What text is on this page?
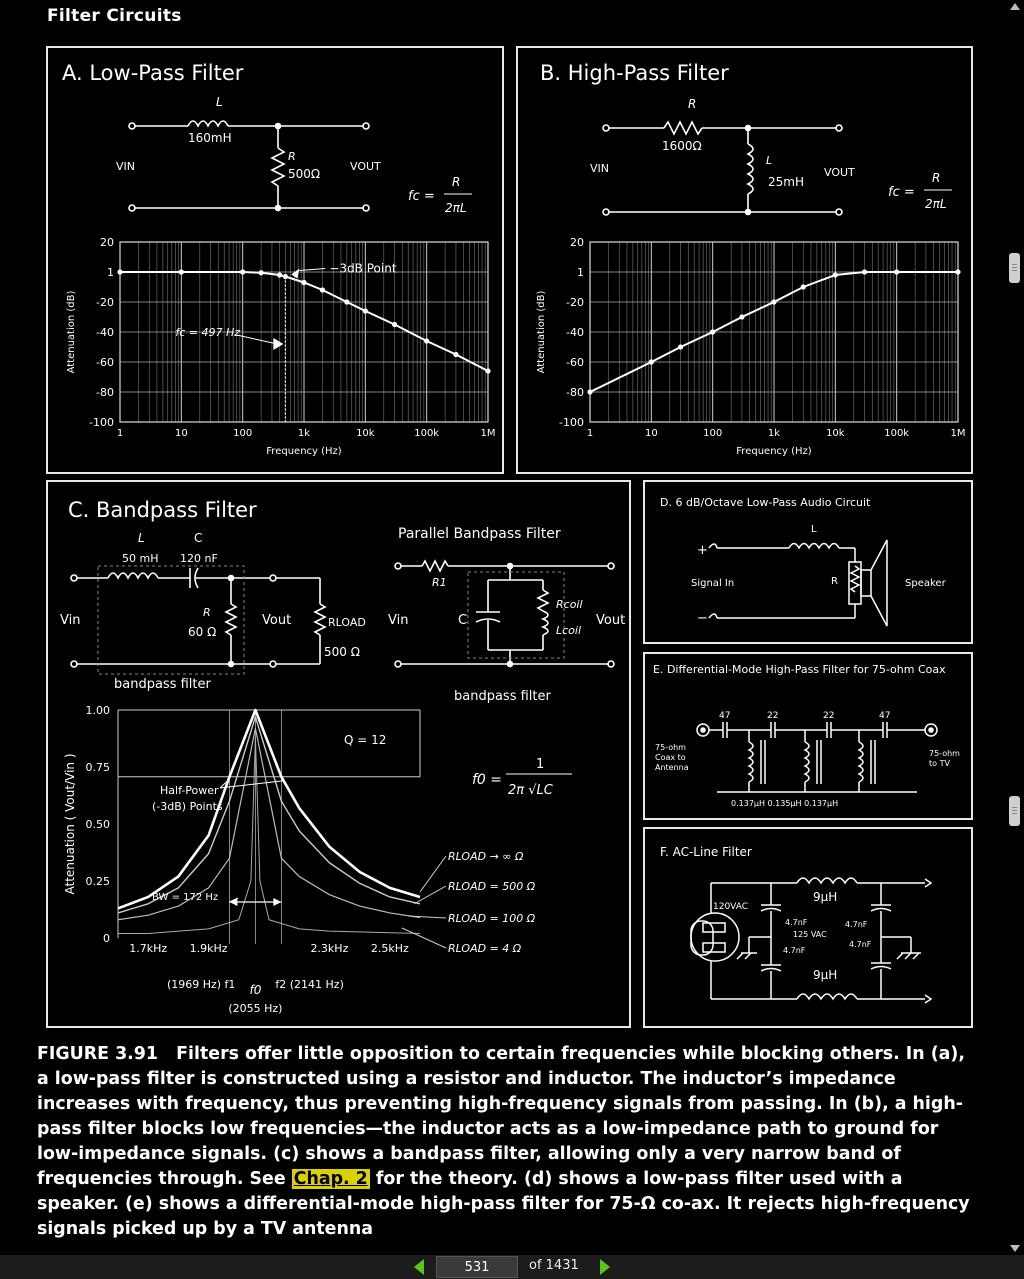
Filter Circuits
A. Low-Pass Filter
L
160mH
R
500Ω
VIN	VOUT
fc =
R
2πL
20
1
-20
-40
-60
-80
-100
1	10	100	1k	10k	100k	1M
Frequency (Hz)
Attenuation (dB)
−3dB Point
fc = 497 Hz
B. High-Pass Filter
R
1600Ω
L
25mH
VIN	VOUT
fc =
R
2πL
20
1
-20
-40
-60
-80
-100
1	10	100	1k	10k	100k	1M
Frequency (Hz)
Attenuation (dB)
C. Bandpass Filter
L
50 mH
C
120 nF
R
60 Ω
Vin	Vout	RLOAD
500 Ω
bandpass filter
Parallel Bandpass Filter
R1
C
Rcoil
Lcoil
Vin	Vout
bandpass filter
f0 =
1
2π √LC
1.00
0.75
0.50
0.25
0
Attenuation ( Vout/Vin )
Q = 12
Half-Power
(-3dB) Points
BW = 172 Hz
1.7kHz 1.9kHz	2.3kHz 2.5kHz
(1969 Hz) f1 f0 f2 (2141 Hz)
(2055 Hz)
RLOAD → ∞ Ω
RLOAD = 500 Ω
RLOAD = 100 Ω
RLOAD = 4 Ω
D. 6 dB/Octave Low-Pass Audio Circuit
+
−
L
R
Signal In	Speaker
E. Differential-Mode High-Pass Filter for 75-ohm Coax
47	22	22	47
75-ohm
Coax to
Antenna
75-ohm
to TV
0.137μH 0.135μH 0.137μH
F. AC-Line Filter
9μH
9μH
120VAC
4.7nF	4.7nF
125 VAC
4.7nF
4.7nF
FIGURE 3.91 Filters offer little opposition to certain frequencies while blocking others. In (a), a low-pass filter is constructed using a resistor and inductor. The inductor’s impedance increases with frequency, thus preventing high-frequency signals from passing. In (b), a high-pass filter blocks low frequencies—the inductor acts as a low-impedance path to ground for low-impedance signals. (c) shows a bandpass filter, allowing only a very narrow band of frequencies through. See Chap. 2 for the theory. (d) shows a low-pass filter used with a speaker. (e) shows a differential-mode high-pass filter for 75-Ω co-ax. It rejects high-frequency signals picked up by a TV antenna
531
of 1431
